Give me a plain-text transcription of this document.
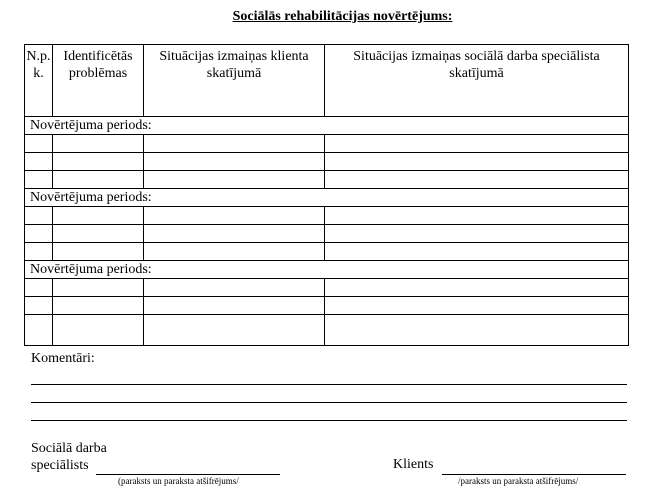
Sociālās rehabilitācijas novērtējums:
N.p.k.	Identificētās problēmas	Situācijas izmaiņas klienta skatījumā	Situācijas izmaiņas sociālā darba speciālista skatījumā
Novērtējuma periods:			

Novērtējuma periods:			

Novērtējuma periods:			

Komentāri:
Sociālā darba
speciālists
(paraksts un paraksta atšifrējums/
Klients
/paraksts un paraksta atšifrējums/
